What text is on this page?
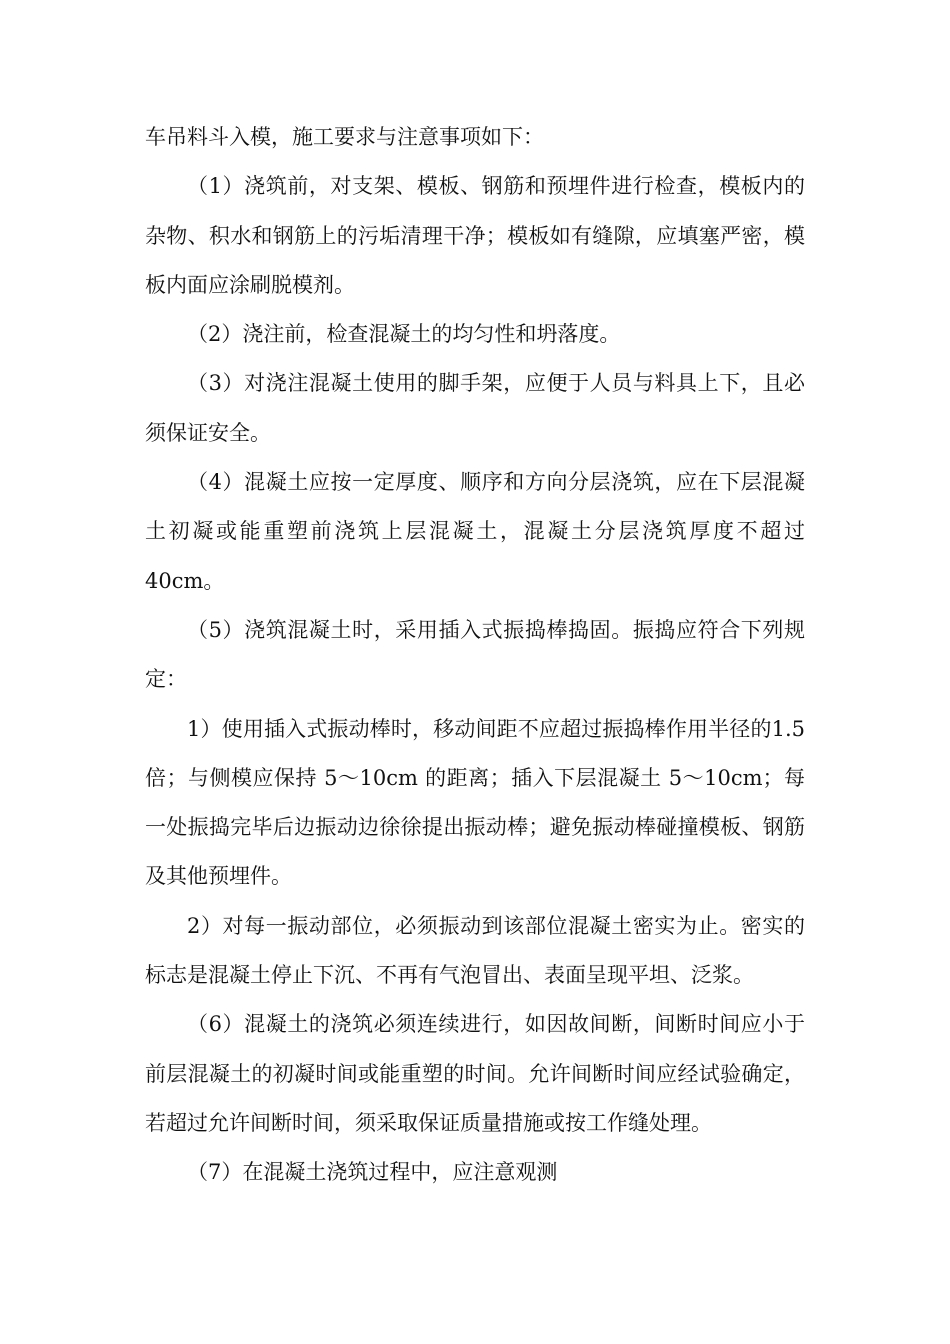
车吊料斗入模，施工要求与注意事项如下：

（1）浇筑前，对支架、模板、钢筋和预埋件进行检查，模板内的杂物、积水和钢筋上的污垢清理干净；模板如有缝隙，应填塞严密，模板内面应涂刷脱模剂。

（2）浇注前，检查混凝土的均匀性和坍落度。

（3）对浇注混凝土使用的脚手架，应便于人员与料具上下，且必须保证安全。

（4）混凝土应按一定厚度、顺序和方向分层浇筑，应在下层混凝土初凝或能重塑前浇筑上层混凝土，混凝土分层浇筑厚度不超过40cm。

（5）浇筑混凝土时，采用插入式振捣棒捣固。振捣应符合下列规定：

1）使用插入式振动棒时，移动间距不应超过振捣棒作用半径的1.5 倍；与侧模应保持 5～10cm 的距离；插入下层混凝土 5～10cm；每一处振捣完毕后边振动边徐徐提出振动棒；避免振动棒碰撞模板、钢筋及其他预埋件。

2）对每一振动部位，必须振动到该部位混凝土密实为止。密实的标志是混凝土停止下沉、不再有气泡冒出、表面呈现平坦、泛浆。

（6）混凝土的浇筑必须连续进行，如因故间断，间断时间应小于前层混凝土的初凝时间或能重塑的时间。允许间断时间应经试验确定，若超过允许间断时间，须采取保证质量措施或按工作缝处理。

（7）在混凝土浇筑过程中，应注意观测
